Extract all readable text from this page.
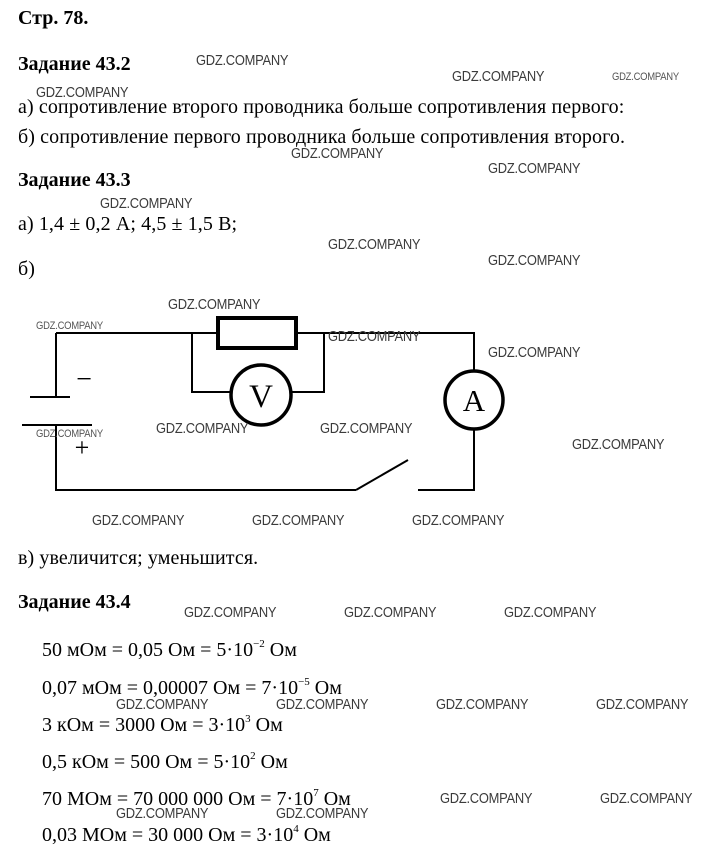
Стр. 78.
Задание 43.2
а) сопротивление второго проводника больше сопротивления первого:
б) сопротивление первого проводника больше сопротивления второго.
Задание 43.3
а) 1,4 ± 0,2 А; 4,5 ± 1,5 В;
б)
V	A
−
+
в) увеличится; уменьшится.
Задание 43.4
50 мОм = 0,05 Ом = $5\cdot 10^{-2}$ Ом
0,07 мОм = 0,00007 Ом = $7\cdot 10^{-5}$ Ом
3 кОм = 3000 Ом = $3\cdot 10^3$ Ом
0,5 кОм = 500 Ом = $5\cdot 10^2$ Ом
70 МОм = 70 000 000 Ом = $7\cdot 10^7$ Ом
0,03 МОм = 30 000 Ом = $3\cdot 10^4$ Ом
GDZ.COMPANY
GDZ.COMPANY	GDZ.COMPANY
GDZ.COMPANY
GDZ.COMPANY
GDZ.COMPANY
GDZ.COMPANY
GDZ.COMPANY
GDZ.COMPANY
GDZ.COMPANY
GDZ.COMPANY
GDZ.COMPANY
GDZ.COMPANY
GDZ.COMPANY	GDZ.COMPANY
GDZ.COMPANY
GDZ.COMPANY
GDZ.COMPANY	GDZ.COMPANY	GDZ.COMPANY
GDZ.COMPANY	GDZ.COMPANY	GDZ.COMPANY
GDZ.COMPANY	GDZ.COMPANY	GDZ.COMPANY	GDZ.COMPANY
GDZ.COMPANY	GDZ.COMPANY
GDZ.COMPANY	GDZ.COMPANY
